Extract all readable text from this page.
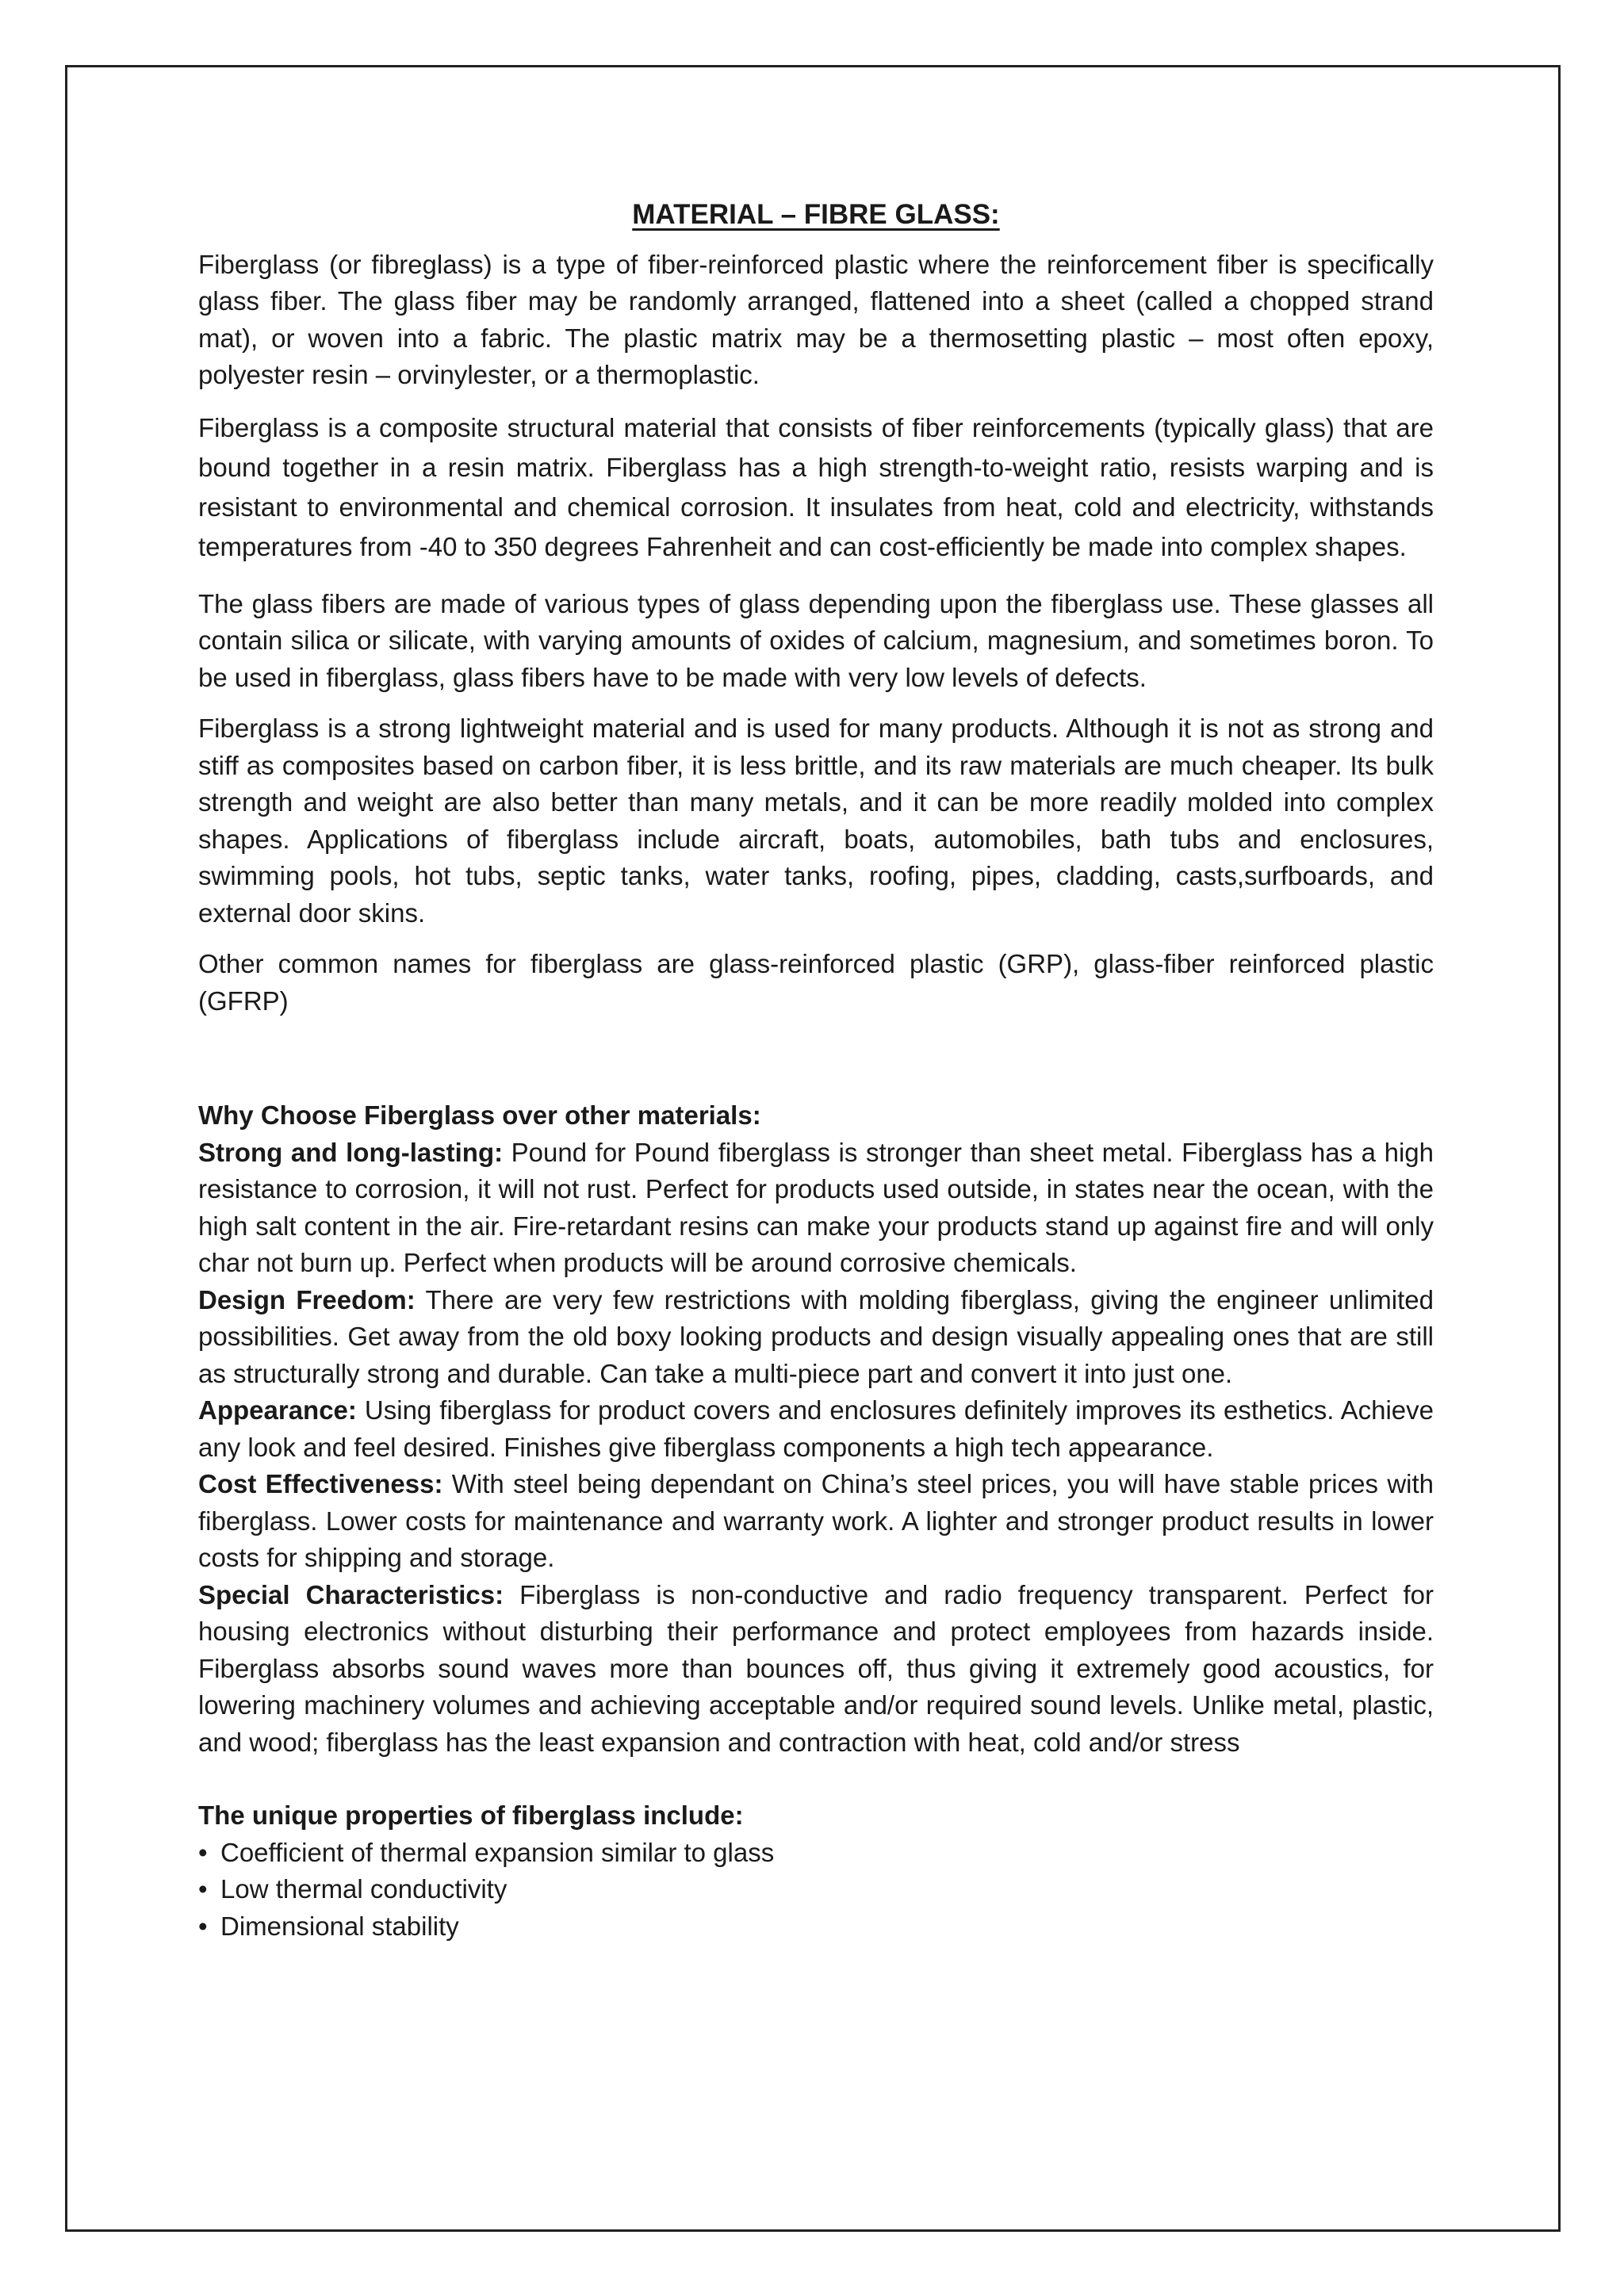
MATERIAL – FIBRE GLASS:

Fiberglass (or fibreglass) is a type of fiber-reinforced plastic where the reinforcement fiber is specifically glass fiber. The glass fiber may be randomly arranged, flattened into a sheet (called a chopped strand mat), or woven into a fabric. The plastic matrix may be a thermosetting plastic – most often epoxy, polyester resin – orvinylester, or a thermoplastic.

Fiberglass is a composite structural material that consists of fiber reinforcements (typically glass) that are bound together in a resin matrix. Fiberglass has a high strength-to-weight ratio, resists warping and is resistant to environmental and chemical corrosion. It insulates from heat, cold and electricity, withstands temperatures from -40 to 350 degrees Fahrenheit and can cost-efficiently be made into complex shapes.

The glass fibers are made of various types of glass depending upon the fiberglass use. These glasses all contain silica or silicate, with varying amounts of oxides of calcium, magnesium, and sometimes boron. To be used in fiberglass, glass fibers have to be made with very low levels of defects.

Fiberglass is a strong lightweight material and is used for many products. Although it is not as strong and stiff as composites based on carbon fiber, it is less brittle, and its raw materials are much cheaper. Its bulk strength and weight are also better than many metals, and it can be more readily molded into complex shapes. Applications of fiberglass include aircraft, boats, automobiles, bath tubs and enclosures, swimming pools, hot tubs, septic tanks, water tanks, roofing, pipes, cladding, casts,surfboards, and external door skins.

Other common names for fiberglass are glass-reinforced plastic (GRP), glass-fiber reinforced plastic (GFRP)

Why Choose Fiberglass over other materials:

Strong and long-lasting: Pound for Pound fiberglass is stronger than sheet metal. Fiberglass has a high resistance to corrosion, it will not rust. Perfect for products used outside, in states near the ocean, with the high salt content in the air. Fire-retardant resins can make your products stand up against fire and will only char not burn up. Perfect when products will be around corrosive chemicals.

Design Freedom: There are very few restrictions with molding fiberglass, giving the engineer unlimited possibilities. Get away from the old boxy looking products and design visually appealing ones that are still as structurally strong and durable. Can take a multi-piece part and convert it into just one.

Appearance: Using fiberglass for product covers and enclosures definitely improves its esthetics. Achieve any look and feel desired. Finishes give fiberglass components a high tech appearance.

Cost Effectiveness: With steel being dependant on China’s steel prices, you will have stable prices with fiberglass. Lower costs for maintenance and warranty work. A lighter and stronger product results in lower costs for shipping and storage.

Special Characteristics: Fiberglass is non-conductive and radio frequency transparent. Perfect for housing electronics without disturbing their performance and protect employees from hazards inside. Fiberglass absorbs sound waves more than bounces off, thus giving it extremely good acoustics, for lowering machinery volumes and achieving acceptable and/or required sound levels. Unlike metal, plastic, and wood; fiberglass has the least expansion and contraction with heat, cold and/or stress

The unique properties of fiberglass include:
• Coefficient of thermal expansion similar to glass
• Low thermal conductivity
• Dimensional stability
